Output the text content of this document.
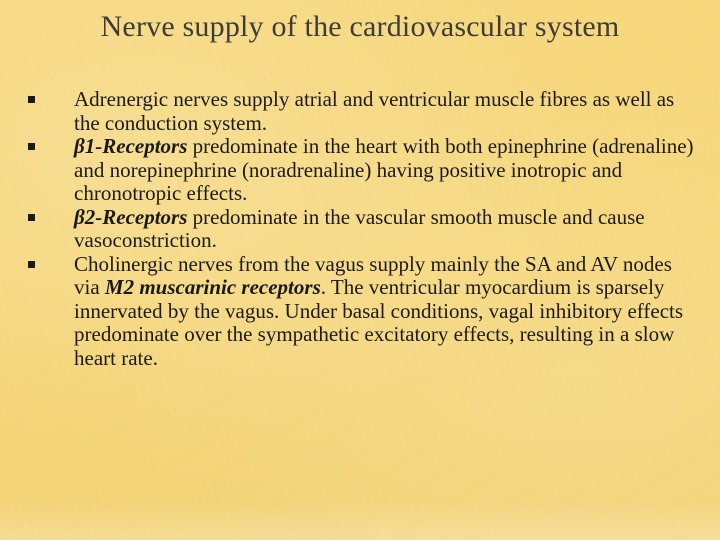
Nerve supply of the cardiovascular system
Adrenergic nerves supply atrial and ventricular muscle fibres as well as the conduction system.
β1-Receptors predominate in the heart with both epinephrine (adrenaline) and norepinephrine (noradrenaline) having positive inotropic and chronotropic effects.
β2-Receptors predominate in the vascular smooth muscle and cause vasoconstriction.
Cholinergic nerves from the vagus supply mainly the SA and AV nodes via M2 muscarinic receptors. The ventricular myocardium is sparsely innervated by the vagus. Under basal conditions, vagal inhibitory effects predominate over the sympathetic excitatory effects, resulting in a slow heart rate.
